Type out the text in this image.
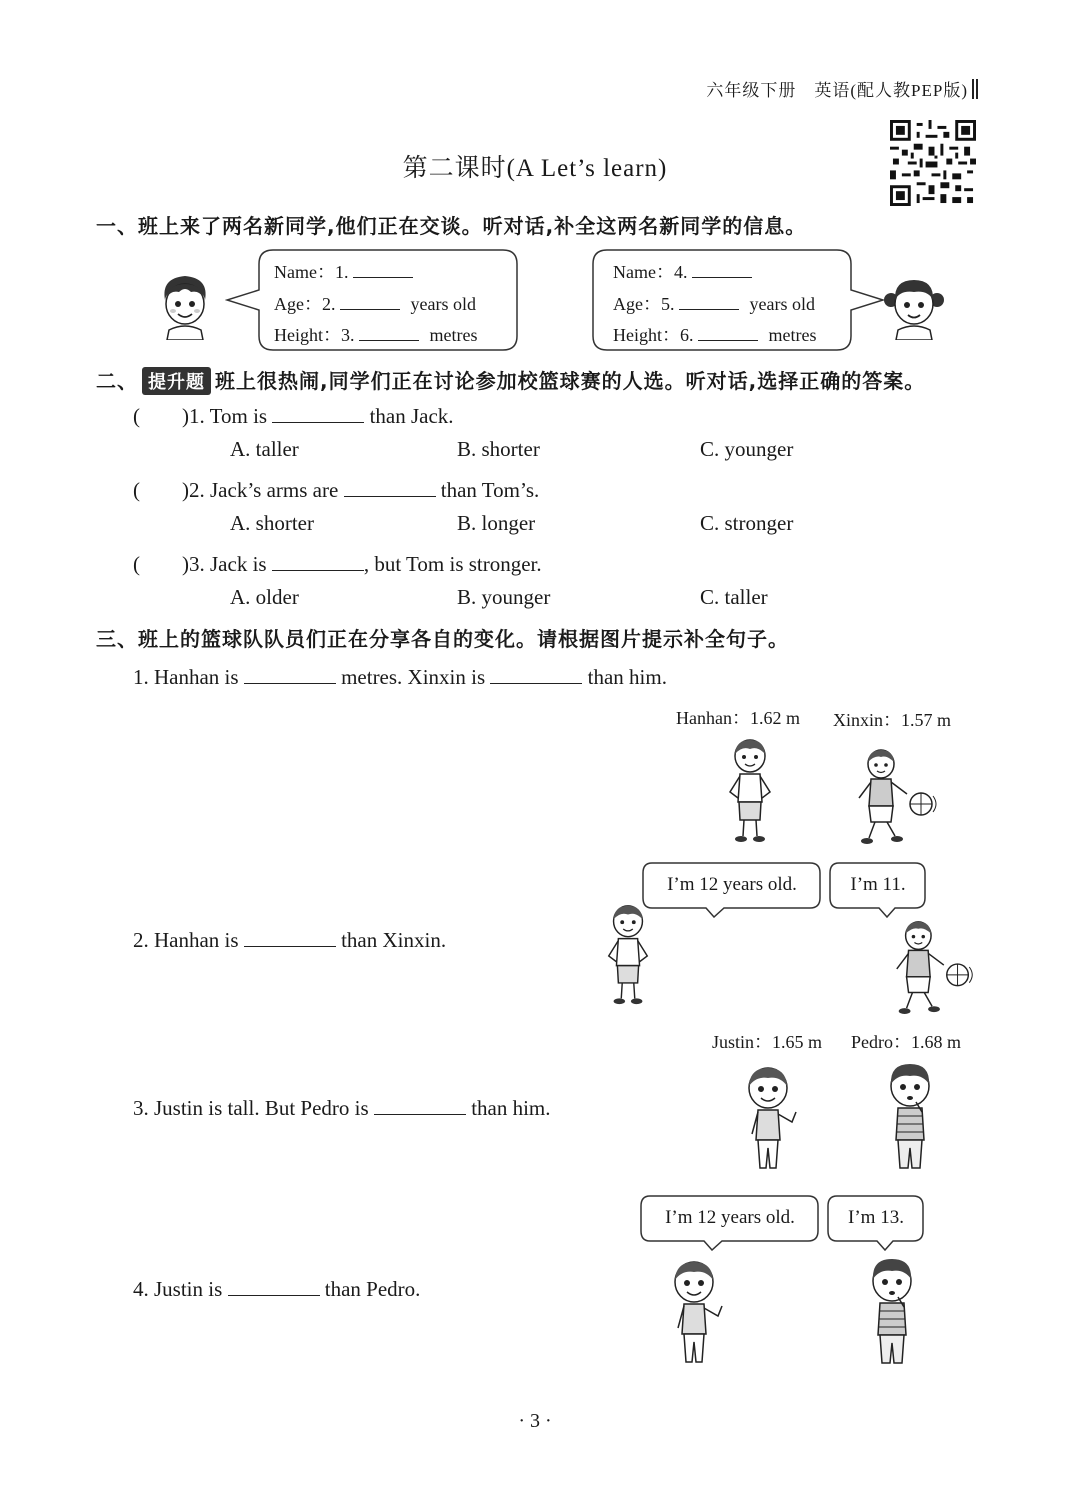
六年级下册　英语(配人教PEP版)
第二课时(A Let’s learn)
一、班上来了两名新同学,他们正在交谈。听对话,补全这两名新同学的信息。
Name：1.
Age：2.	years old
Height：3.	metres
Name：4.
Age：5.	years old
Height：6.	metres
二、 提升题 班上很热闹,同学们正在讨论参加校篮球赛的人选。听对话,选择正确的答案。
(　　)1. Tom is	than Jack.
A. taller	B. shorter	C. younger
(　　)2. Jack’s arms are	than Tom’s.
A. shorter	B. longer	C. stronger
(　　)3. Jack is	, but Tom is stronger.
A. older	B. younger	C. taller
三、班上的篮球队队员们正在分享各自的变化。请根据图片提示补全句子。
1. Hanhan is	metres. Xinxin is	than him.
Hanhan：1.62 m Xinxin：1.57 m
I’m 12 years old.	I’m 11.
2. Hanhan is	than Xinxin.
Justin：1.65 m Pedro：1.68 m
3. Justin is tall. But Pedro is	than him.
I’m 12 years old.	I’m 13.
4. Justin is	than Pedro.
· 3 ·
